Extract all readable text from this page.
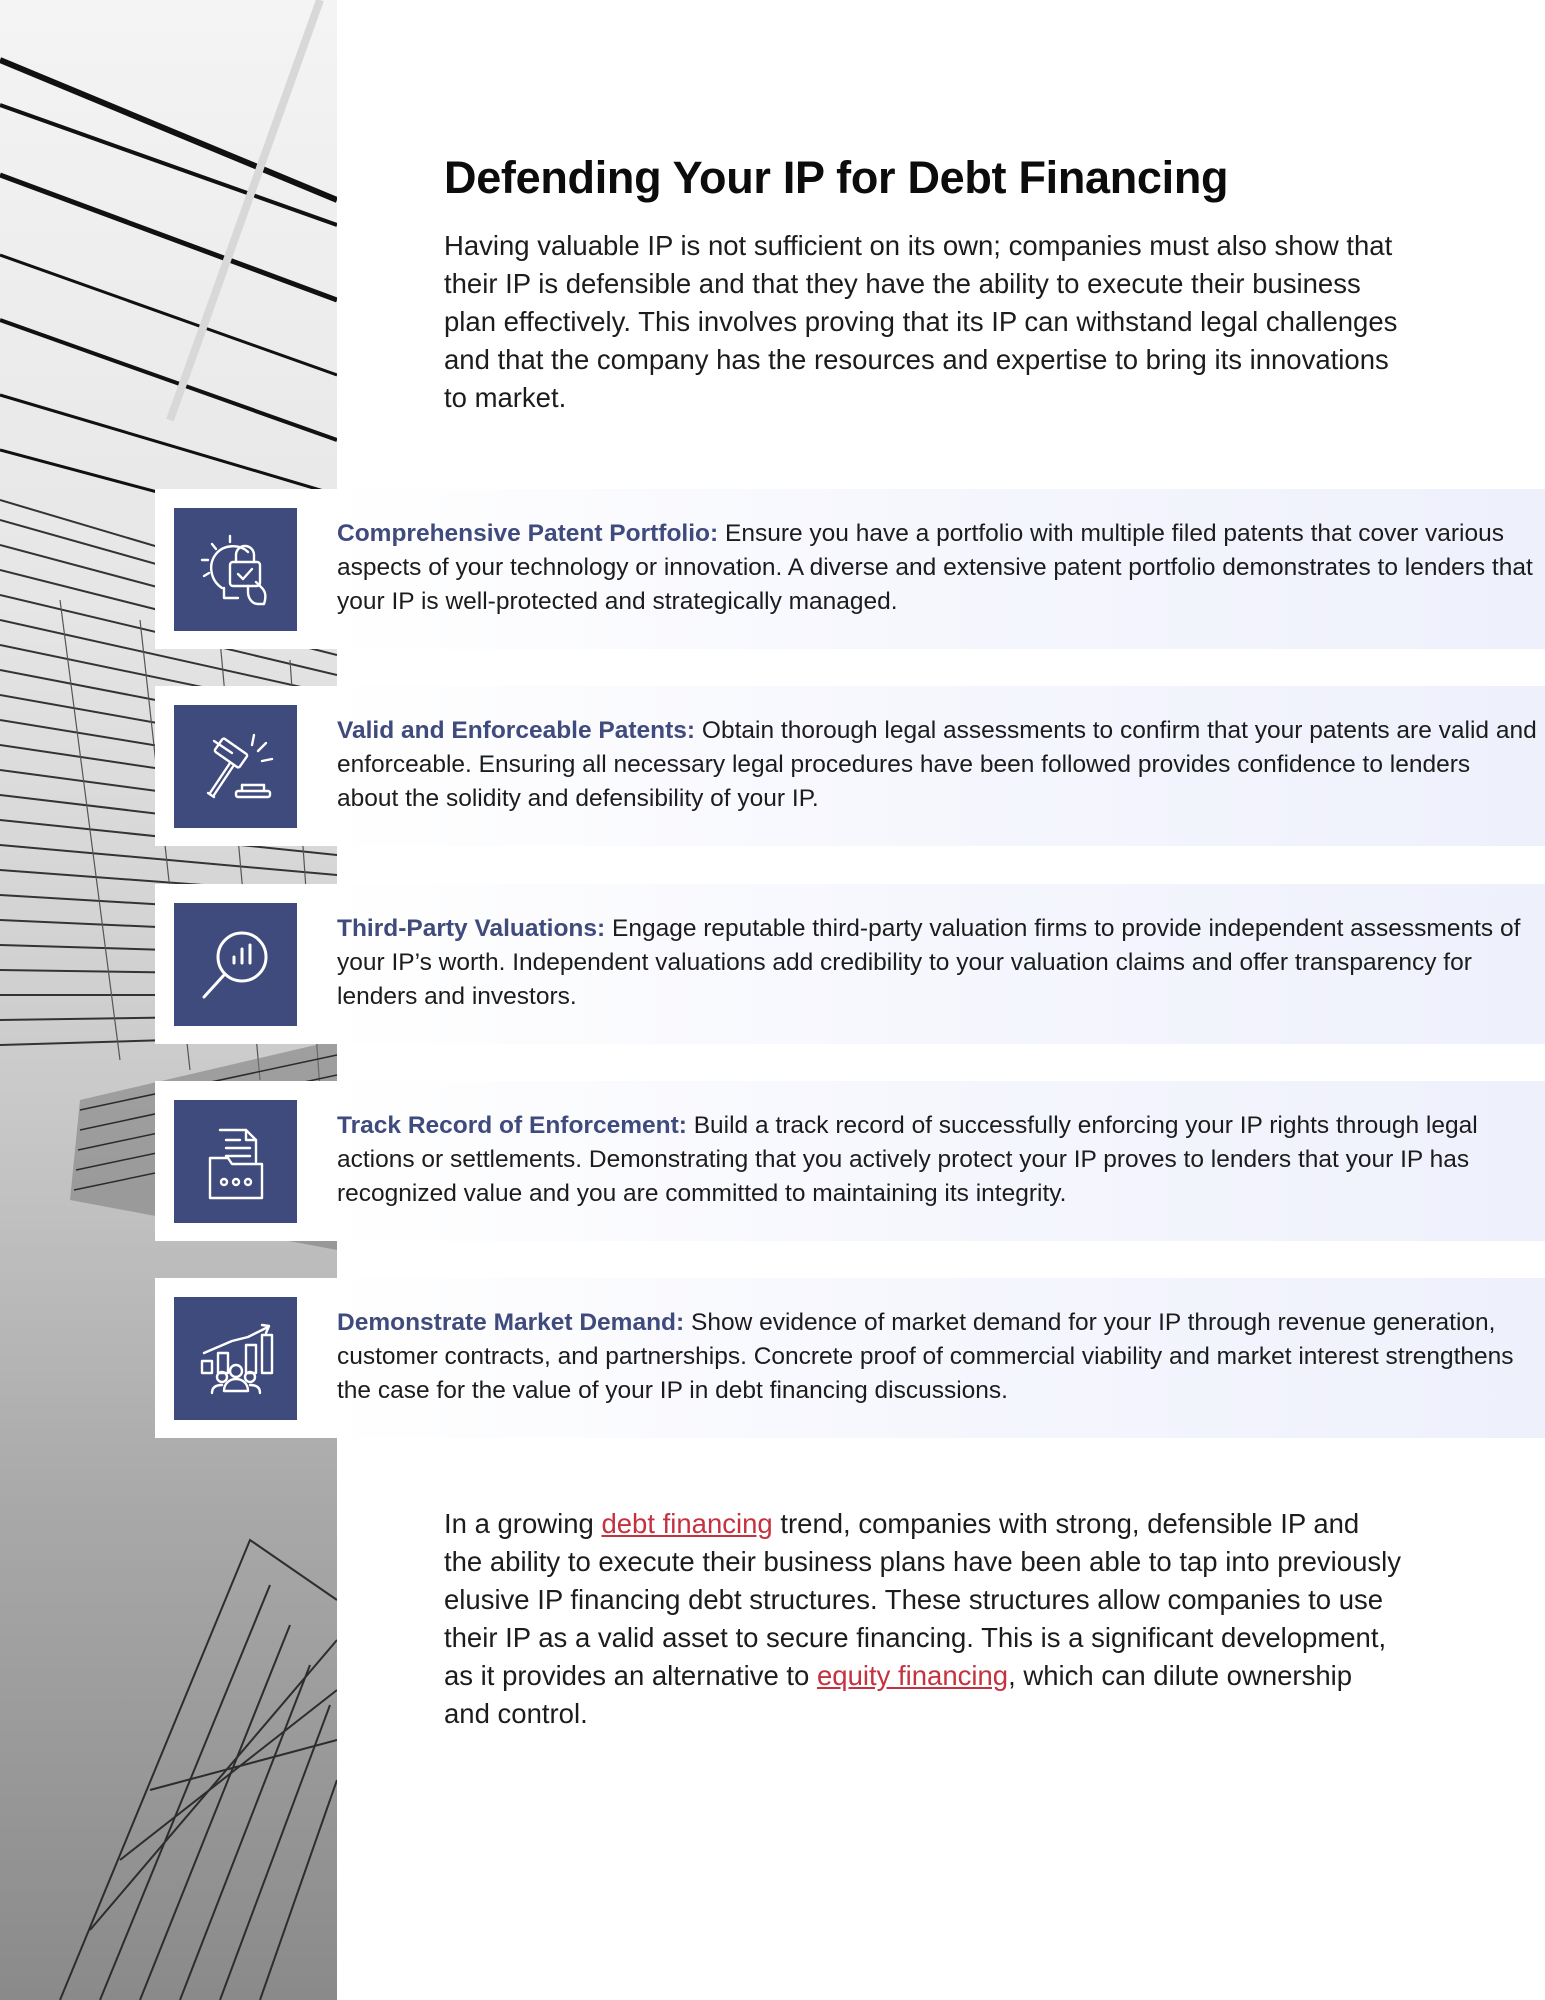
Defending Your IP for Debt Financing

Having valuable IP is not sufficient on its own; companies must also show that their IP is defensible and that they have the ability to execute their business plan effectively. This involves proving that its IP can withstand legal challenges and that the company has the resources and expertise to bring its innovations to market.

Comprehensive Patent Portfolio: Ensure you have a portfolio with multiple filed patents that cover various aspects of your technology or innovation. A diverse and extensive patent portfolio demonstrates to lenders that your IP is well-protected and strategically managed.

Valid and Enforceable Patents: Obtain thorough legal assessments to confirm that your patents are valid and enforceable. Ensuring all necessary legal procedures have been followed provides confidence to lenders about the solidity and defensibility of your IP.

Third-Party Valuations: Engage reputable third-party valuation firms to provide independent assessments of your IP’s worth. Independent valuations add credibility to your valuation claims and offer transparency for lenders and investors.

Track Record of Enforcement: Build a track record of successfully enforcing your IP rights through legal actions or settlements. Demonstrating that you actively protect your IP proves to lenders that your IP has recognized value and you are committed to maintaining its integrity.

Demonstrate Market Demand: Show evidence of market demand for your IP through revenue generation, customer contracts, and partnerships. Concrete proof of commercial viability and market interest strengthens the case for the value of your IP in debt financing discussions.

In a growing debt financing trend, companies with strong, defensible IP and the ability to execute their business plans have been able to tap into previously elusive IP financing debt structures. These structures allow companies to use their IP as a valid asset to secure financing. This is a significant development, as it provides an alternative to equity financing, which can dilute ownership and control.
